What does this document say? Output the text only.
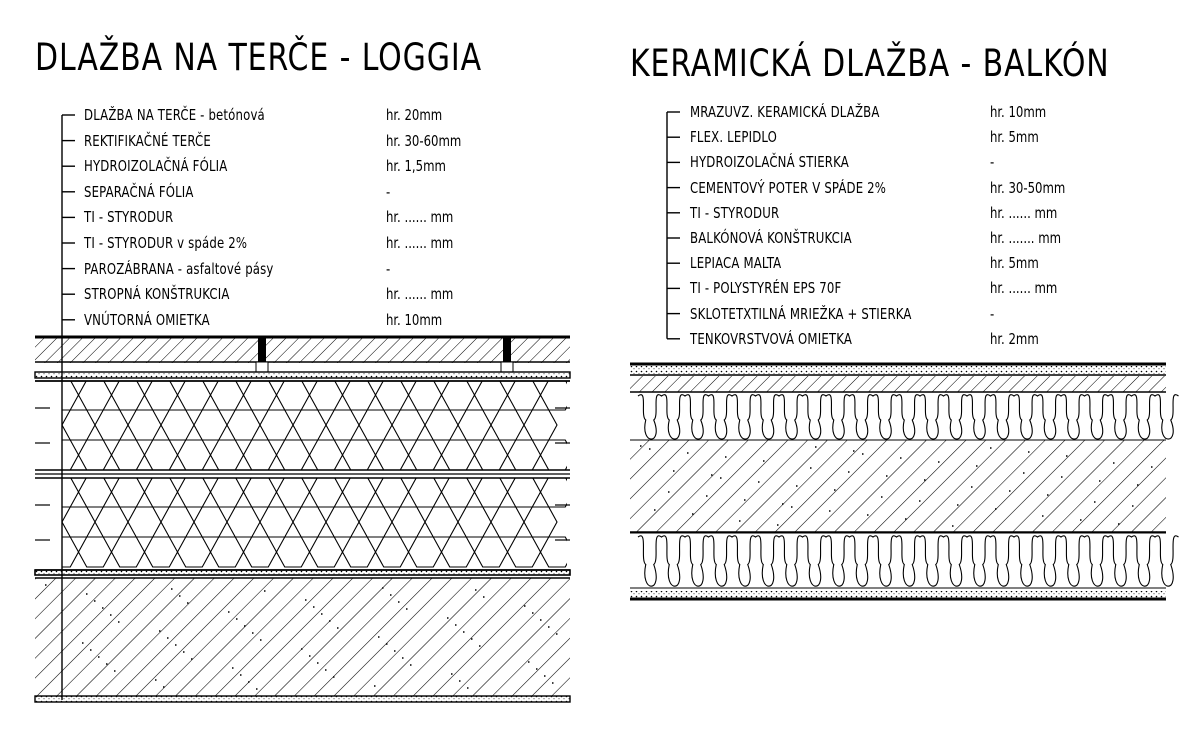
DLAŽBA NA TERČE - LOGGIA	KERAMICKÁ DLAŽBA - BALKÓN
DLAŽBA NA TERČE - betónová	hr. 20mm
REKTIFIKAČNÉ TERČE	hr. 30-60mm
HYDROIZOLAČNÁ FÓLIA	hr. 1,5mm
SEPARAČNÁ FÓLIA	-
TI - STYRODUR	hr. ...... mm
TI - STYRODUR v spáde 2%	hr. ...... mm
PAROZÁBRANA - asfaltové pásy	-
STROPNÁ KONŠTRUKCIA	hr. ...... mm
VNÚTORNÁ OMIETKA	hr. 10mm
MRAZUVZ. KERAMICKÁ DLAŽBA	hr. 10mm
FLEX. LEPIDLO	hr. 5mm
HYDROIZOLAČNÁ STIERKA	-
CEMENTOVÝ POTER V SPÁDE 2%	hr. 30-50mm
TI - STYRODUR	hr. ...... mm
BALKÓNOVÁ KONŠTRUKCIA	hr. ....... mm
LEPIACA MALTA	hr. 5mm
TI - POLYSTYRÉN EPS 70F	hr. ...... mm
SKLOTETXTILNÁ MRIEŽKA + STIERKA	-
TENKOVRSTVOVÁ OMIETKA	hr. 2mm
